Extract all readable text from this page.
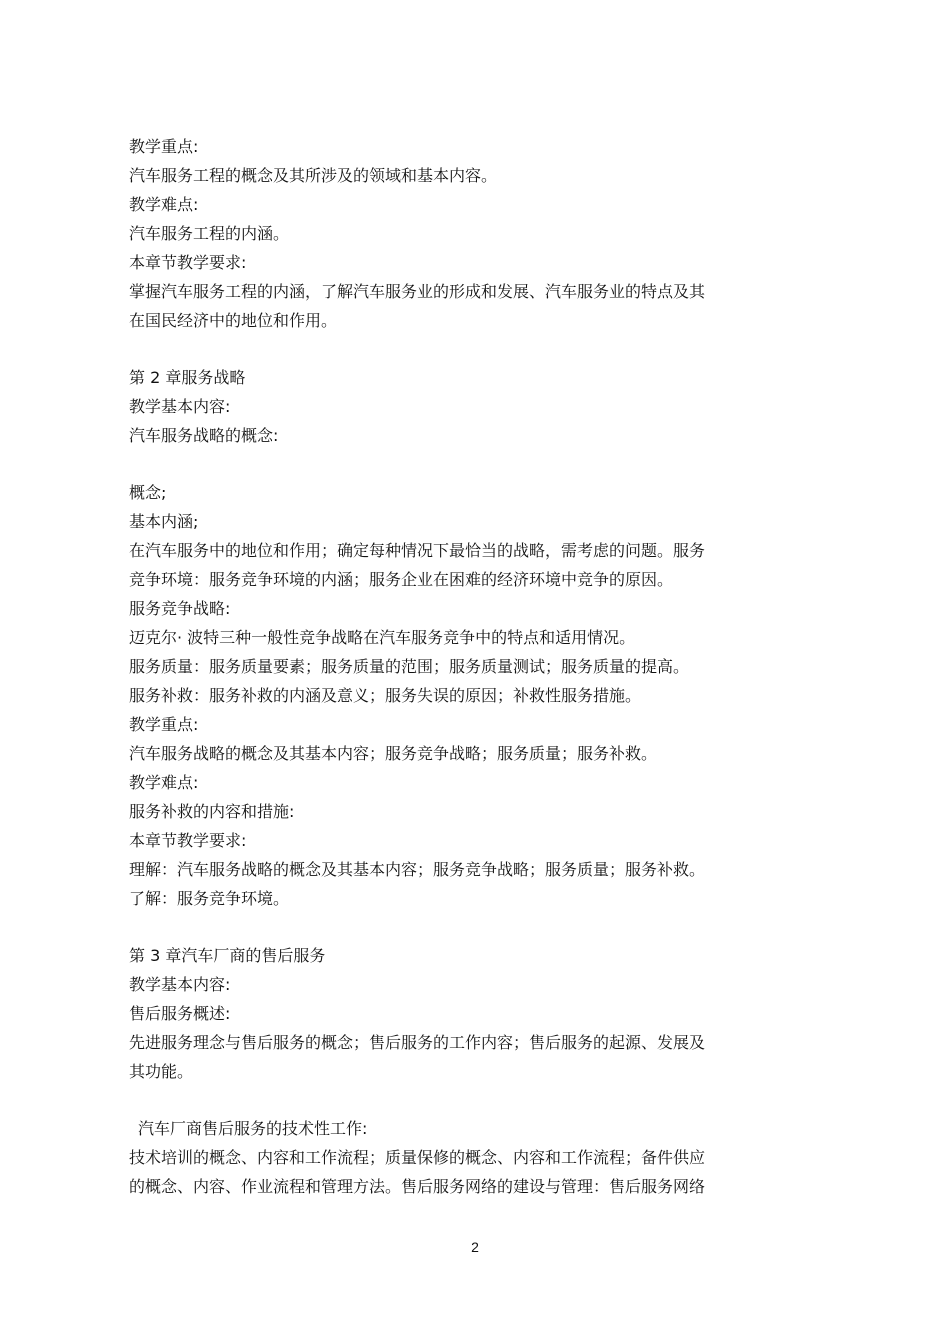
教学重点:
汽车服务工程的概念及其所涉及的领域和基本内容。
教学难点:
汽车服务工程的内涵。
本章节教学要求:
掌握汽车服务工程的内涵，了解汽车服务业的形成和发展、汽车服务业的特点及其
在国民经济中的地位和作用。
第 2 章服务战略
教学基本内容:
汽车服务战略的概念:
概念;
基本内涵;
在汽车服务中的地位和作用；确定每种情况下最恰当的战略，需考虑的问题。服务
竞争环境：服务竞争环境的内涵；服务企业在困难的经济环境中竞争的原因。
服务竞争战略:
迈克尔· 波特三种一般性竞争战略在汽车服务竞争中的特点和适用情况。
服务质量：服务质量要素；服务质量的范围；服务质量测试；服务质量的提高。
服务补救：服务补救的内涵及意义；服务失误的原因；补救性服务措施。
教学重点:
汽车服务战略的概念及其基本内容；服务竞争战略；服务质量；服务补救。
教学难点:
服务补救的内容和措施:
本章节教学要求:
理解：汽车服务战略的概念及其基本内容；服务竞争战略；服务质量；服务补救。
了解：服务竞争环境。
第 3 章汽车厂商的售后服务
教学基本内容:
售后服务概述:
先进服务理念与售后服务的概念；售后服务的工作内容；售后服务的起源、发展及
其功能。
汽车厂商售后服务的技术性工作:
技术培训的概念、内容和工作流程；质量保修的概念、内容和工作流程；备件供应
的概念、内容、作业流程和管理方法。售后服务网络的建设与管理：售后服务网络
2
